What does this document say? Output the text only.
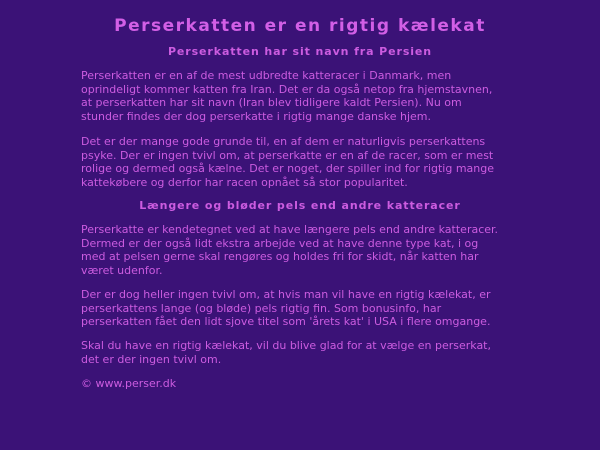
Perserkatten er en rigtig kælekat
Perserkatten har sit navn fra Persien

Perserkatten er en af de mest udbredte katteracer i Danmark, men
oprindeligt kommer katten fra Iran. Det er da også netop fra hjemstavnen,
at perserkatten har sit navn (Iran blev tidligere kaldt Persien). Nu om
stunder findes der dog perserkatte i rigtig mange danske hjem.

Det er der mange gode grunde til, en af dem er naturligvis perserkattens
psyke. Der er ingen tvivl om, at perserkatte er en af de racer, som er mest
rolige og dermed også kælne. Det er noget, der spiller ind for rigtig mange
kattekøbere og derfor har racen opnået så stor popularitet.

Længere og bløder pels end andre katteracer

Perserkatte er kendetegnet ved at have længere pels end andre katteracer.
Dermed er der også lidt ekstra arbejde ved at have denne type kat, i og
med at pelsen gerne skal rengøres og holdes fri for skidt, når katten har
været udenfor.

Der er dog heller ingen tvivl om, at hvis man vil have en rigtig kælekat, er
perserkattens lange (og bløde) pels rigtig fin. Som bonusinfo, har
perserkatten fået den lidt sjove titel som 'årets kat' i USA i flere omgange.

Skal du have en rigtig kælekat, vil du blive glad for at vælge en perserkat,
det er der ingen tvivl om.

© www.perser.dk
